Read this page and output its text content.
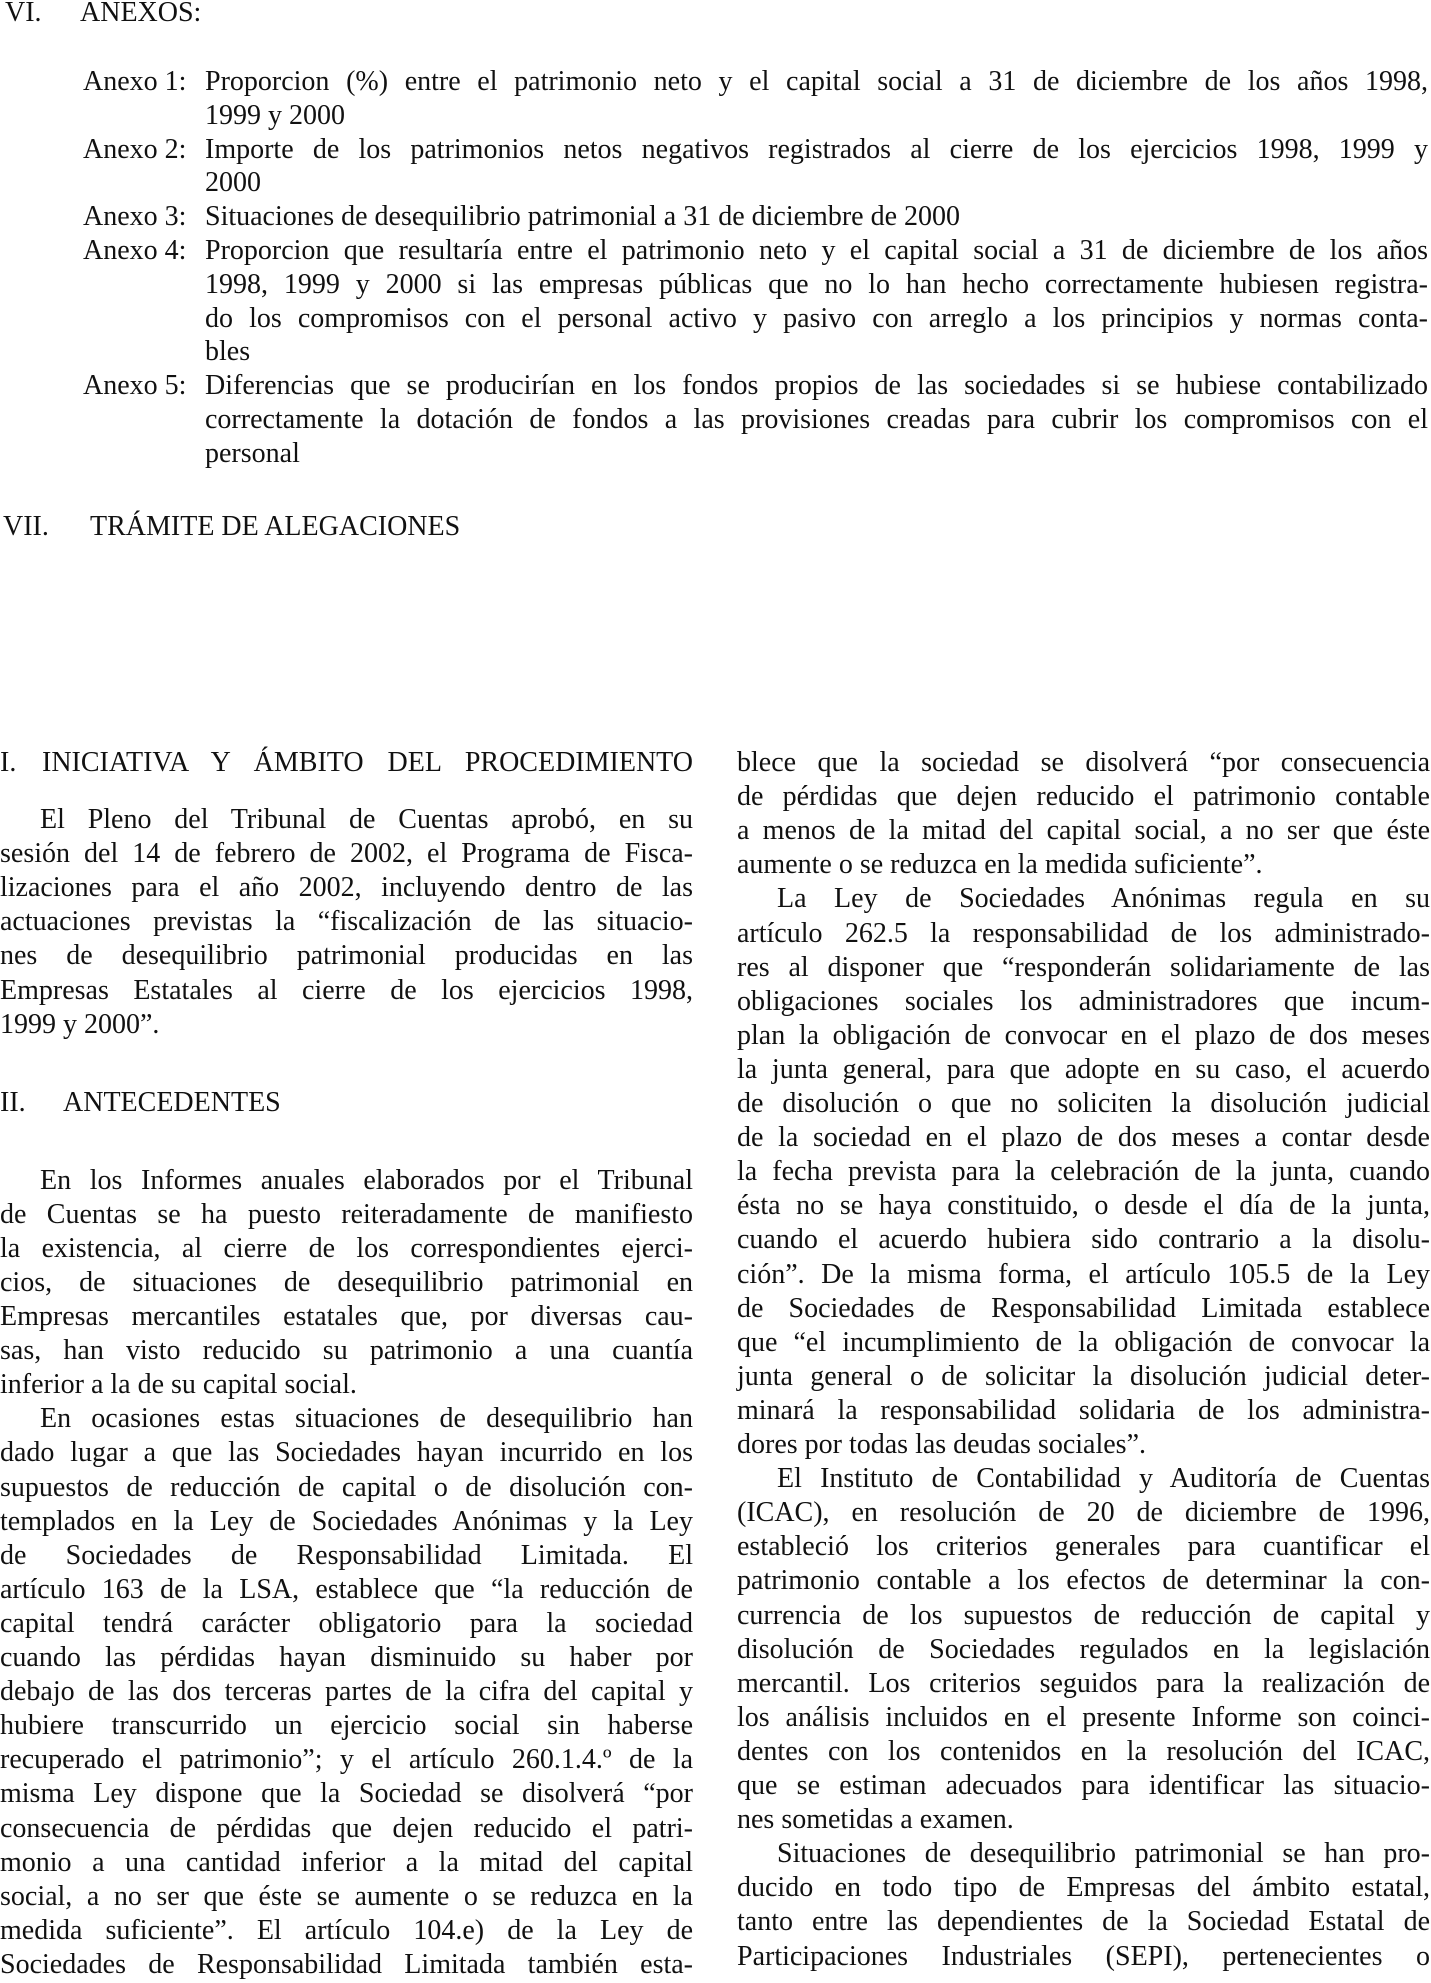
VI. ANEXOS:
Anexo 1: Proporcion (%) entre el patrimonio neto y el capital social a 31 de diciembre de los años 1998,
1999 y 2000
Anexo 2: Importe de los patrimonios netos negativos registrados al cierre de los ejercicios 1998, 1999 y
2000
Anexo 3: Situaciones de desequilibrio patrimonial a 31 de diciembre de 2000
Anexo 4: Proporcion que resultaría entre el patrimonio neto y el capital social a 31 de diciembre de los años
1998, 1999 y 2000 si las empresas públicas que no lo han hecho correctamente hubiesen registra-
do los compromisos con el personal activo y pasivo con arreglo a los principios y normas conta-
bles
Anexo 5: Diferencias que se producirían en los fondos propios de las sociedades si se hubiese contabilizado
correctamente la dotación de fondos a las provisiones creadas para cubrir los compromisos con el
personal
VII. TRÁMITE DE ALEGACIONES
I. INICIATIVA Y ÁMBITO DEL PROCEDIMIENTO
El Pleno del Tribunal de Cuentas aprobó, en su
sesión del 14 de febrero de 2002, el Programa de Fisca-
lizaciones para el año 2002, incluyendo dentro de las
actuaciones previstas la “fiscalización de las situacio-
nes de desequilibrio patrimonial producidas en las
Empresas Estatales al cierre de los ejercicios 1998,
1999 y 2000”.
II. ANTECEDENTES
En los Informes anuales elaborados por el Tribunal
de Cuentas se ha puesto reiteradamente de manifiesto
la existencia, al cierre de los correspondientes ejerci-
cios, de situaciones de desequilibrio patrimonial en
Empresas mercantiles estatales que, por diversas cau-
sas, han visto reducido su patrimonio a una cuantía
inferior a la de su capital social.
En ocasiones estas situaciones de desequilibrio han
dado lugar a que las Sociedades hayan incurrido en los
supuestos de reducción de capital o de disolución con-
templados en la Ley de Sociedades Anónimas y la Ley
de Sociedades de Responsabilidad Limitada. El
artículo 163 de la LSA, establece que “la reducción de
capital tendrá carácter obligatorio para la sociedad
cuando las pérdidas hayan disminuido su haber por
debajo de las dos terceras partes de la cifra del capital y
hubiere transcurrido un ejercicio social sin haberse
recuperado el patrimonio”; y el artículo 260.1.4.º de la
misma Ley dispone que la Sociedad se disolverá “por
consecuencia de pérdidas que dejen reducido el patri-
monio a una cantidad inferior a la mitad del capital
social, a no ser que éste se aumente o se reduzca en la
medida suficiente”. El artículo 104.e) de la Ley de
Sociedades de Responsabilidad Limitada también esta-
blece que la sociedad se disolverá “por consecuencia
de pérdidas que dejen reducido el patrimonio contable
a menos de la mitad del capital social, a no ser que éste
aumente o se reduzca en la medida suficiente”.
La Ley de Sociedades Anónimas regula en su
artículo 262.5 la responsabilidad de los administrado-
res al disponer que “responderán solidariamente de las
obligaciones sociales los administradores que incum-
plan la obligación de convocar en el plazo de dos meses
la junta general, para que adopte en su caso, el acuerdo
de disolución o que no soliciten la disolución judicial
de la sociedad en el plazo de dos meses a contar desde
la fecha prevista para la celebración de la junta, cuando
ésta no se haya constituido, o desde el día de la junta,
cuando el acuerdo hubiera sido contrario a la disolu-
ción”. De la misma forma, el artículo 105.5 de la Ley
de Sociedades de Responsabilidad Limitada establece
que “el incumplimiento de la obligación de convocar la
junta general o de solicitar la disolución judicial deter-
minará la responsabilidad solidaria de los administra-
dores por todas las deudas sociales”.
El Instituto de Contabilidad y Auditoría de Cuentas
(ICAC), en resolución de 20 de diciembre de 1996,
estableció los criterios generales para cuantificar el
patrimonio contable a los efectos de determinar la con-
currencia de los supuestos de reducción de capital y
disolución de Sociedades regulados en la legislación
mercantil. Los criterios seguidos para la realización de
los análisis incluidos en el presente Informe son coinci-
dentes con los contenidos en la resolución del ICAC,
que se estiman adecuados para identificar las situacio-
nes sometidas a examen.
Situaciones de desequilibrio patrimonial se han pro-
ducido en todo tipo de Empresas del ámbito estatal,
tanto entre las dependientes de la Sociedad Estatal de
Participaciones Industriales (SEPI), pertenecientes o
